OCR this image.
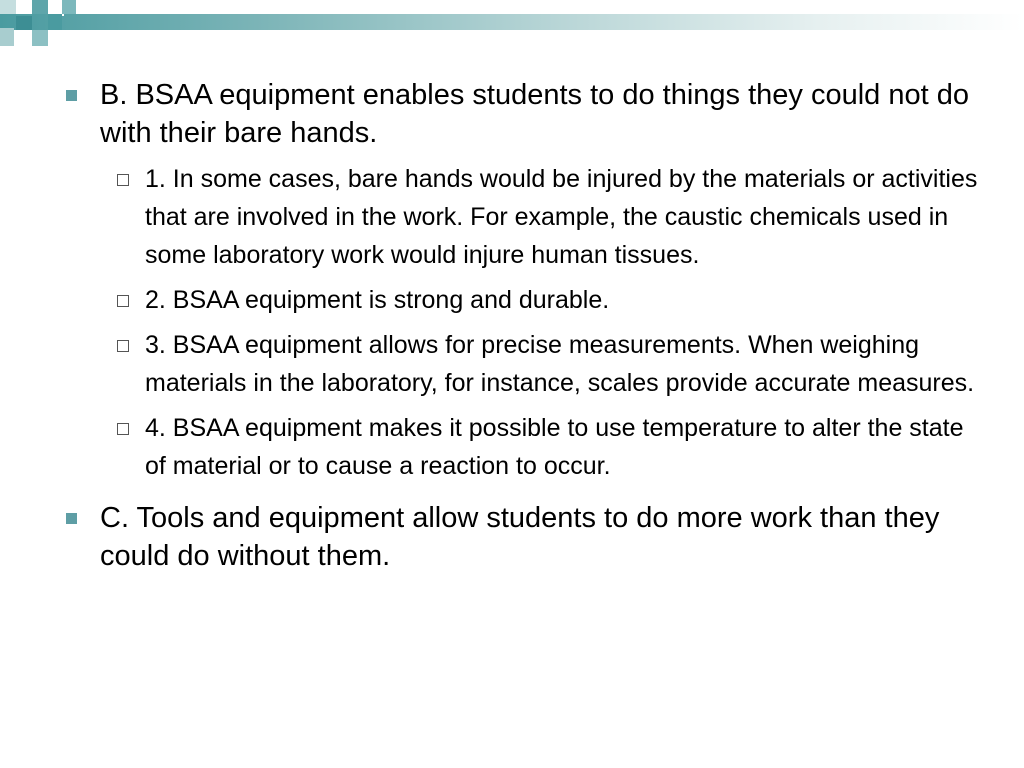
B. BSAA equipment enables students to do things they could not do with their bare hands.
1. In some cases, bare hands would be injured by the materials or activities that are involved in the work. For example, the caustic chemicals used in some laboratory work would injure human tissues.
2. BSAA equipment is strong and durable.
3. BSAA equipment allows for precise measurements. When weighing materials in the laboratory, for instance, scales provide accurate measures.
4. BSAA equipment makes it possible to use temperature to alter the state of material or to cause a reaction to occur.
C. Tools and equipment allow students to do more work than they could do without them.
